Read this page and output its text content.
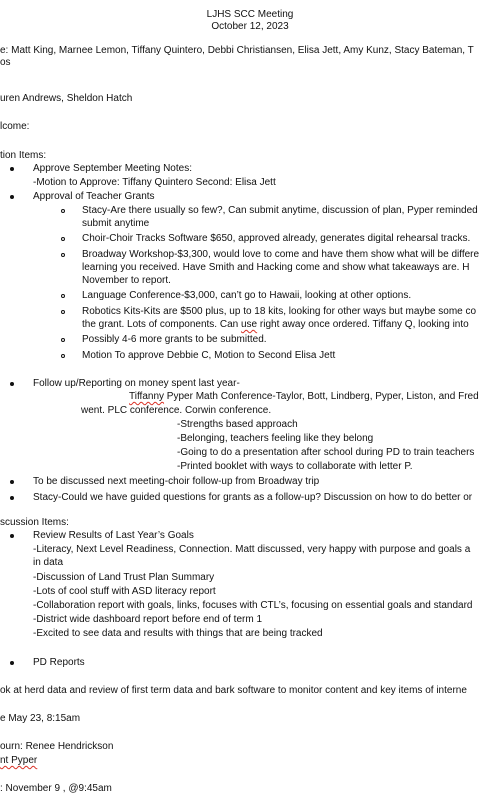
LJHS SCC Meeting
October 12, 2023
e: Matt King, Marnee Lemon, Tiffany Quintero, Debbi Christiansen, Elisa Jett, Amy Kunz, Stacy Bateman, T
os
uren Andrews, Sheldon Hatch
lcome:
tion Items:
Approve September Meeting Notes:
-Motion to Approve: Tiffany Quintero Second: Elisa Jett
Approval of Teacher Grants
Stacy-Are there usually so few?, Can submit anytime, discussion of plan, Pyper reminded
submit anytime
Choir-Choir Tracks Software $650, approved already, generates digital rehearsal tracks.
Broadway Workshop-$3,300, would love to come and have them show what will be differe
learning you received. Have Smith and Hacking come and show what takeaways are. H
November to report.
Language Conference-$3,000, can’t go to Hawaii, looking at other options.
Robotics Kits-Kits are $500 plus, up to 18 kits, looking for other ways but maybe some co
the grant. Lots of components. Can use right away once ordered. Tiffany Q, looking into
Possibly 4-6 more grants to be submitted.
Motion To approve Debbie C, Motion to Second Elisa Jett
Follow up/Reporting on money spent last year-
Tiffanny Pyper Math Conference-Taylor, Bott, Lindberg, Pyper, Liston, and Fred
went. PLC conference. Corwin conference.
-Strengths based approach
-Belonging, teachers feeling like they belong
-Going to do a presentation after school during PD to train teachers
-Printed booklet with ways to collaborate with letter P.
To be discussed next meeting-choir follow-up from Broadway trip
Stacy-Could we have guided questions for grants as a follow-up? Discussion on how to do better or
scussion Items:
Review Results of Last Year’s Goals
-Literacy, Next Level Readiness, Connection. Matt discussed, very happy with purpose and goals a
in data
-Discussion of Land Trust Plan Summary
-Lots of cool stuff with ASD literacy report
-Collaboration report with goals, links, focuses with CTL’s, focusing on essential goals and standard
-District wide dashboard report before end of term 1
-Excited to see data and results with things that are being tracked
PD Reports
ok at herd data and review of first term data and bark software to monitor content and key items of interne
e May 23, 8:15am
ourn: Renee Hendrickson
nt Pyper
: November 9 , @9:45am
